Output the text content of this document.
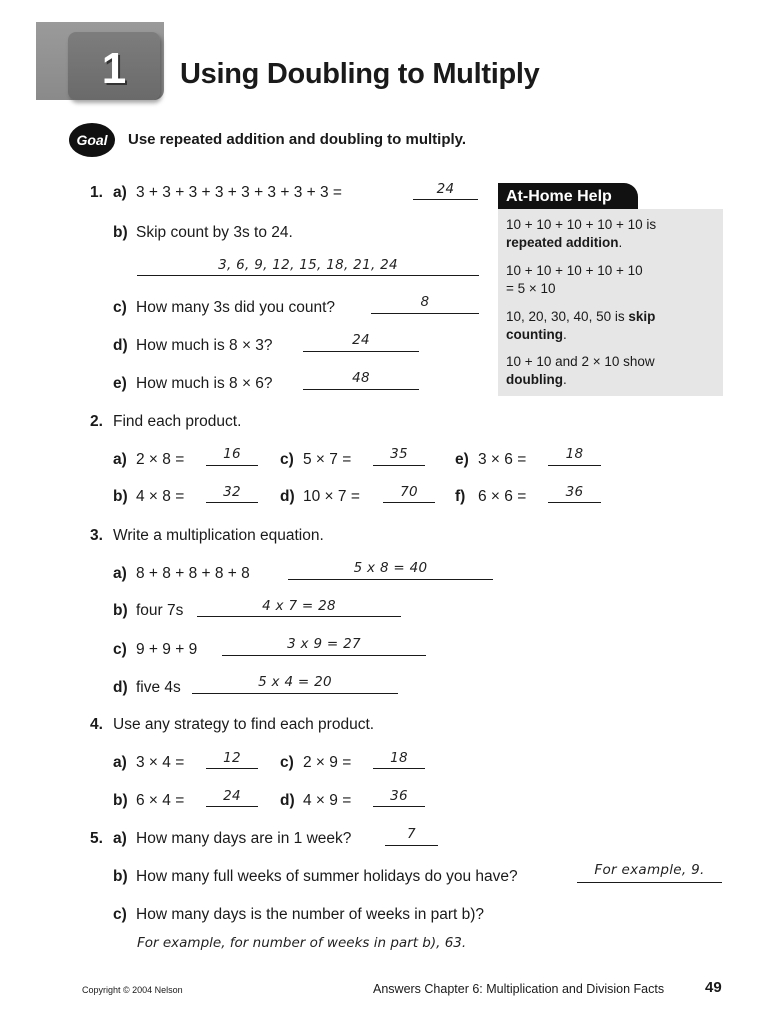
1	Using Doubling to Multiply
Goal	Use repeated addition and doubling to multiply.
At-Home Help
10 + 10 + 10 + 10 + 10 is
repeated addition.
10 + 10 + 10 + 10 + 10
= 5 × 10
10, 20, 30, 40, 50 is skip
counting.
10 + 10 and 2 × 10 show
doubling.
1. a) 3 + 3 + 3 + 3 + 3 + 3 + 3 + 3 =	24
b) Skip count by 3s to 24.
3, 6, 9, 12, 15, 18, 21, 24
c) How many 3s did you count?	8
d) How much is 8 × 3?	24
e) How much is 8 × 6?	48
2. Find each product.
a) 2 × 8 =	16	c) 5 × 7 =	35	e) 3 × 6 =	18
b) 4 × 8 =	32	d) 10 × 7 =	70	f) 6 × 6 =	36
3. Write a multiplication equation.
a) 8 + 8 + 8 + 8 + 8	5 x 8 = 40
b) four 7s	4 x 7 = 28
c) 9 + 9 + 9	3 x 9 = 27
d) five 4s	5 x 4 = 20
4. Use any strategy to find each product.
a) 3 × 4 =	12	c) 2 × 9 =	18
b) 6 × 4 =	24	d) 4 × 9 =	36
5. a) How many days are in 1 week?	7
b) How many full weeks of summer holidays do you have?	For example, 9.
c) How many days is the number of weeks in part b)?
For example, for number of weeks in part b), 63.
Copyright © 2004 Nelson	Answers Chapter 6: Multiplication and Division Facts	49
